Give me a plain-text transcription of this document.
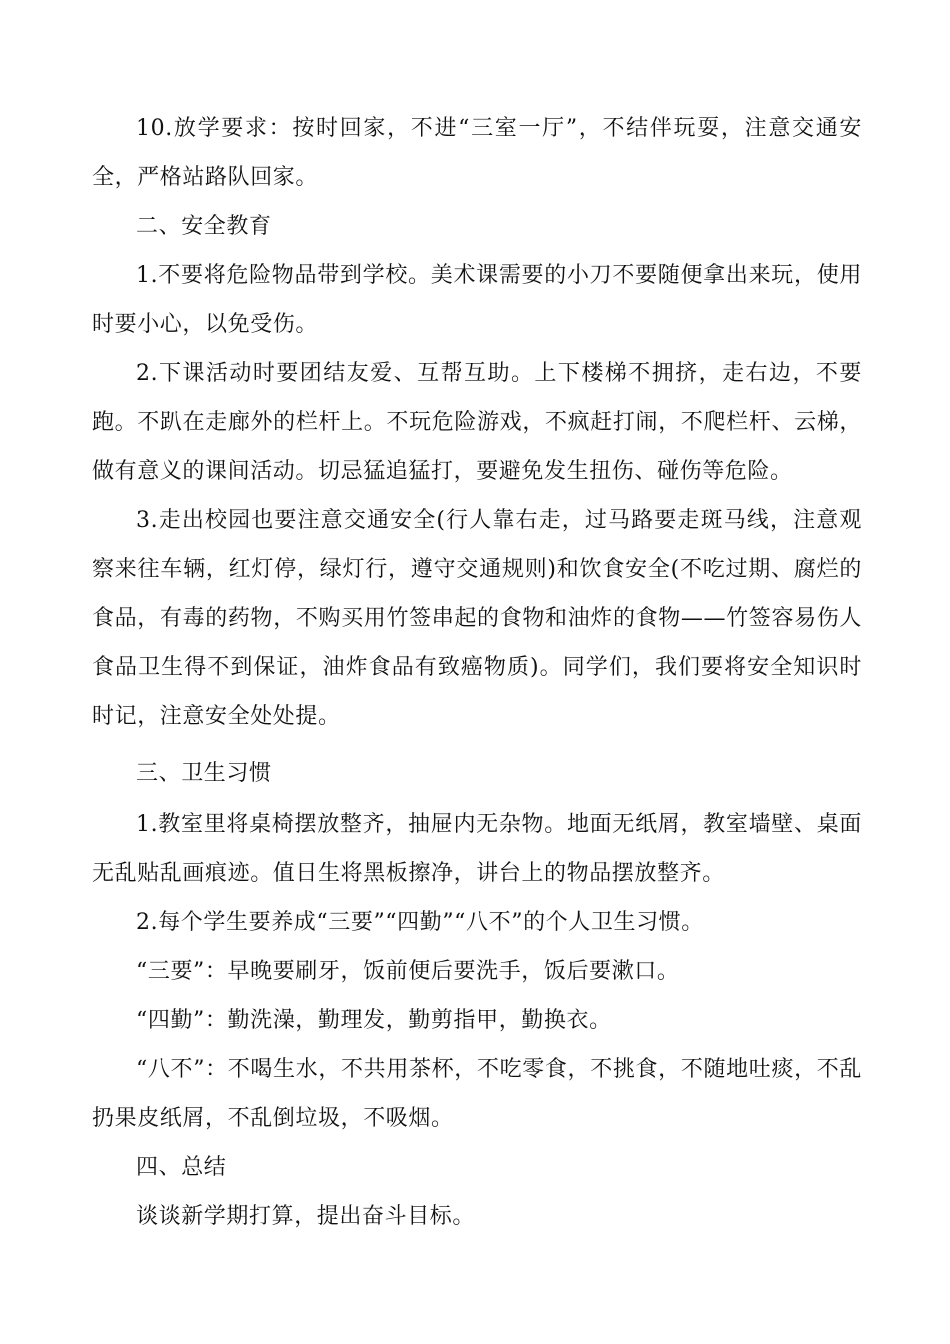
10.放学要求：按时回家，不进“三室一厅”，不结伴玩耍，注意交通安全，严格站路队回家。

二、安全教育

1.不要将危险物品带到学校。美术课需要的小刀不要随便拿出来玩，使用时要小心，以免受伤。

2.下课活动时要团结友爱、互帮互助。上下楼梯不拥挤，走右边，不要跑。不趴在走廊外的栏杆上。不玩危险游戏，不疯赶打闹，不爬栏杆、云梯，做有意义的课间活动。切忌猛追猛打，要避免发生扭伤、碰伤等危险。

3.走出校园也要注意交通安全(行人靠右走，过马路要走斑马线，注意观察来往车辆，红灯停，绿灯行，遵守交通规则)和饮食安全(不吃过期、腐烂的食品，有毒的药物，不购买用竹签串起的食物和油炸的食物——竹签容易伤人食品卫生得不到保证，油炸食品有致癌物质)。同学们，我们要将安全知识时时记，注意安全处处提。

三、卫生习惯

1.教室里将桌椅摆放整齐，抽屉内无杂物。地面无纸屑，教室墙壁、桌面无乱贴乱画痕迹。值日生将黑板擦净，讲台上的物品摆放整齐。

2.每个学生要养成“三要”“四勤”“八不”的个人卫生习惯。

“三要”：早晚要刷牙，饭前便后要洗手，饭后要漱口。

“四勤”：勤洗澡，勤理发，勤剪指甲，勤换衣。

“八不”：不喝生水，不共用茶杯，不吃零食，不挑食，不随地吐痰，不乱扔果皮纸屑，不乱倒垃圾，不吸烟。

四、总结

谈谈新学期打算，提出奋斗目标。
